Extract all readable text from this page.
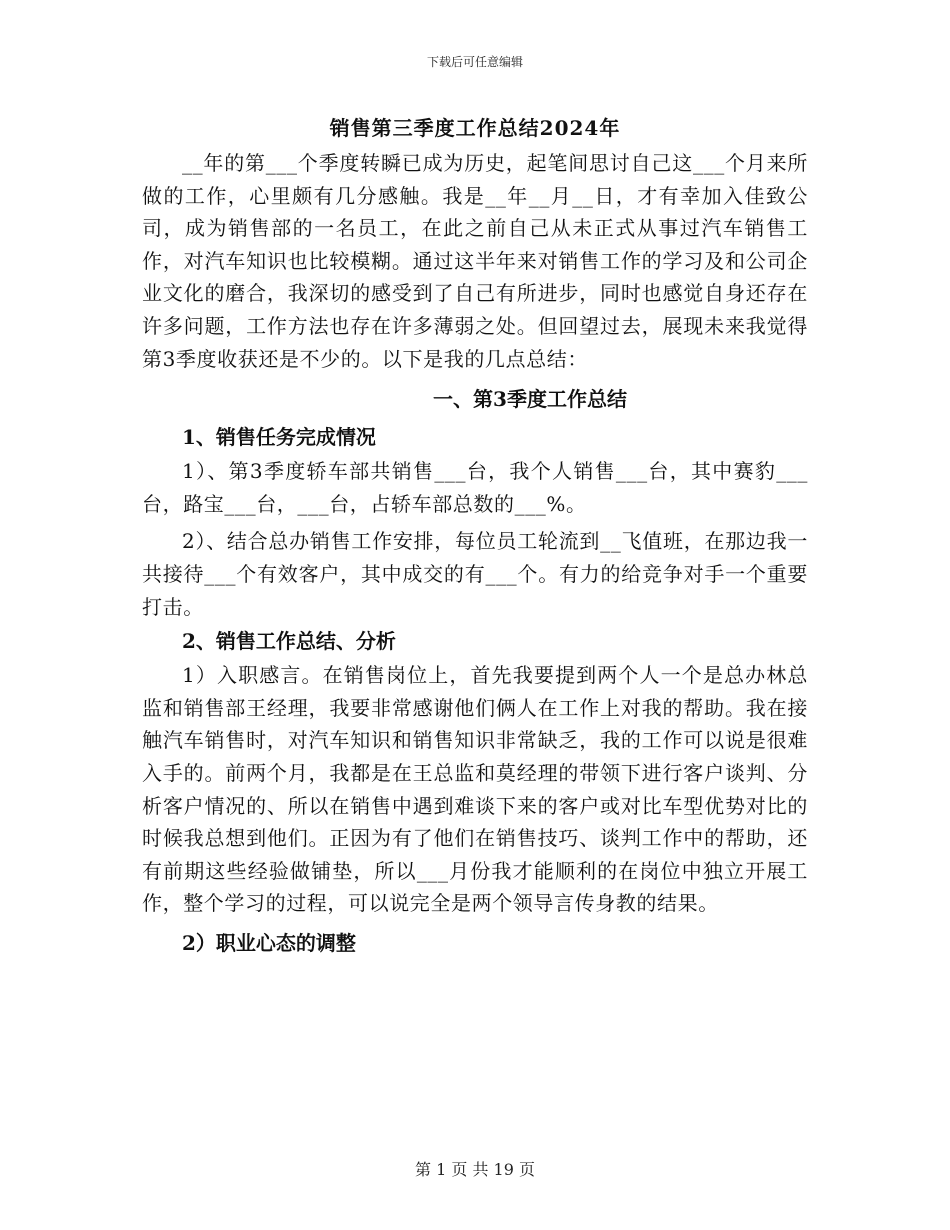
下载后可任意编辑
销售第三季度工作总结2024年

__年的第___个季度转瞬已成为历史，起笔间思讨自己这___个月来所做的工作，心里颇有几分感触。我是__年__月__日，才有幸加入佳致公司，成为销售部的一名员工，在此之前自己从未正式从事过汽车销售工作，对汽车知识也比较模糊。通过这半年来对销售工作的学习及和公司企业文化的磨合，我深切的感受到了自己有所进步，同时也感觉自身还存在许多问题，工作方法也存在许多薄弱之处。但回望过去，展现未来我觉得第3季度收获还是不少的。以下是我的几点总结：

一、第3季度工作总结
1、销售任务完成情况

1）、第3季度轿车部共销售___台，我个人销售___台，其中赛豹___台，路宝___台，___台，占轿车部总数的___%。

2）、结合总办销售工作安排，每位员工轮流到__飞值班，在那边我一共接待___个有效客户，其中成交的有___个。有力的给竞争对手一个重要打击。

2、销售工作总结、分析

1）入职感言。在销售岗位上，首先我要提到两个人一个是总办林总监和销售部王经理，我要非常感谢他们俩人在工作上对我的帮助。我在接触汽车销售时，对汽车知识和销售知识非常缺乏，我的工作可以说是很难入手的。前两个月，我都是在王总监和莫经理的带领下进行客户谈判、分析客户情况的、所以在销售中遇到难谈下来的客户或对比车型优势对比的时候我总想到他们。正因为有了他们在销售技巧、谈判工作中的帮助，还有前期这些经验做铺垫，所以___月份我才能顺利的在岗位中独立开展工作，整个学习的过程，可以说完全是两个领导言传身教的结果。

2）职业心态的调整
第 1 页 共 19 页
